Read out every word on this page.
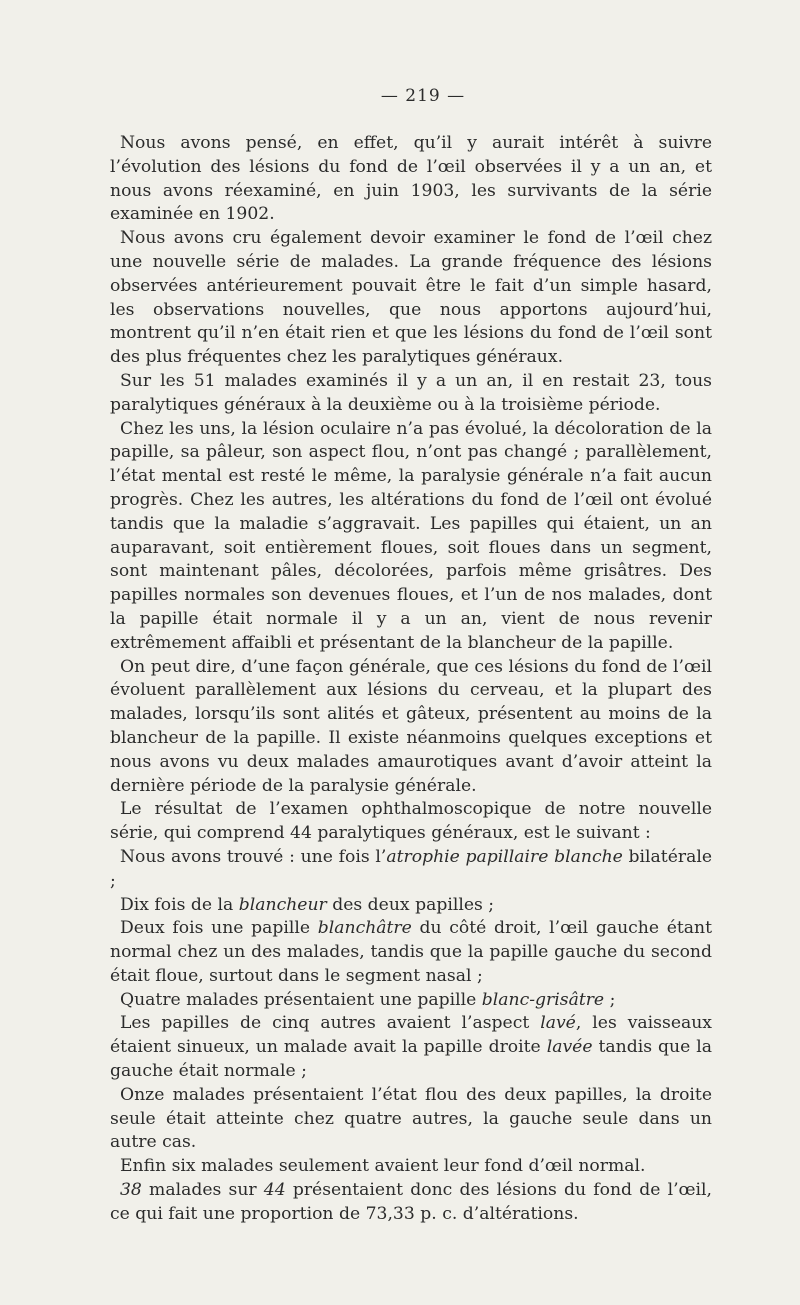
— 219 —

Nous avons pensé, en effet, qu’il y aurait intérêt à suivre l’évolution des lésions du fond de l’œil observées il y a un an, et nous avons réexaminé, en juin 1903, les survivants de la série examinée en 1902.

Nous avons cru également devoir examiner le fond de l’œil chez une nouvelle série de malades. La grande fréquence des lésions observées antérieurement pouvait être le fait d’un simple hasard, les observations nouvelles, que nous apportons aujourd’hui, montrent qu’il n’en était rien et que les lésions du fond de l’œil sont des plus fréquentes chez les paralytiques généraux.

Sur les 51 malades examinés il y a un an, il en restait 23, tous paralytiques généraux à la deuxième ou à la troisième période.

Chez les uns, la lésion oculaire n’a pas évolué, la décoloration de la papille, sa pâleur, son aspect flou, n’ont pas changé ; parallèlement, l’état mental est resté le même, la paralysie générale n’a fait aucun progrès. Chez les autres, les altérations du fond de l’œil ont évolué tandis que la maladie s’aggravait. Les papilles qui étaient, un an auparavant, soit entièrement floues, soit floues dans un segment, sont maintenant pâles, décolorées, parfois même grisâtres. Des papilles normales son devenues floues, et l’un de nos malades, dont la papille était normale il y a un an, vient de nous revenir extrêmement affaibli et présentant de la blancheur de la papille.

On peut dire, d’une façon générale, que ces lésions du fond de l’œil évoluent parallèlement aux lésions du cerveau, et la plupart des malades, lorsqu’ils sont alités et gâteux, présentent au moins de la blancheur de la papille. Il existe néanmoins quelques exceptions et nous avons vu deux malades amaurotiques avant d’avoir atteint la dernière période de la paralysie générale.

Le résultat de l’examen ophthalmoscopique de notre nouvelle série, qui comprend 44 paralytiques généraux, est le suivant :

Nous avons trouvé : une fois l’atrophie papillaire blanche bilatérale ;

Dix fois de la blancheur des deux papilles ;

Deux fois une papille blanchâtre du côté droit, l’œil gauche étant normal chez un des malades, tandis que la papille gauche du second était floue, surtout dans le segment nasal ;

Quatre malades présentaient une papille blanc-grisâtre ;

Les papilles de cinq autres avaient l’aspect lavé, les vaisseaux étaient sinueux, un malade avait la papille droite lavée tandis que la gauche était normale ;

Onze malades présentaient l’état flou des deux papilles, la droite seule était atteinte chez quatre autres, la gauche seule dans un autre cas.

Enfin six malades seulement avaient leur fond d’œil normal.

38 malades sur 44 présentaient donc des lésions du fond de l’œil, ce qui fait une proportion de 73,33 p. c. d’altérations.
